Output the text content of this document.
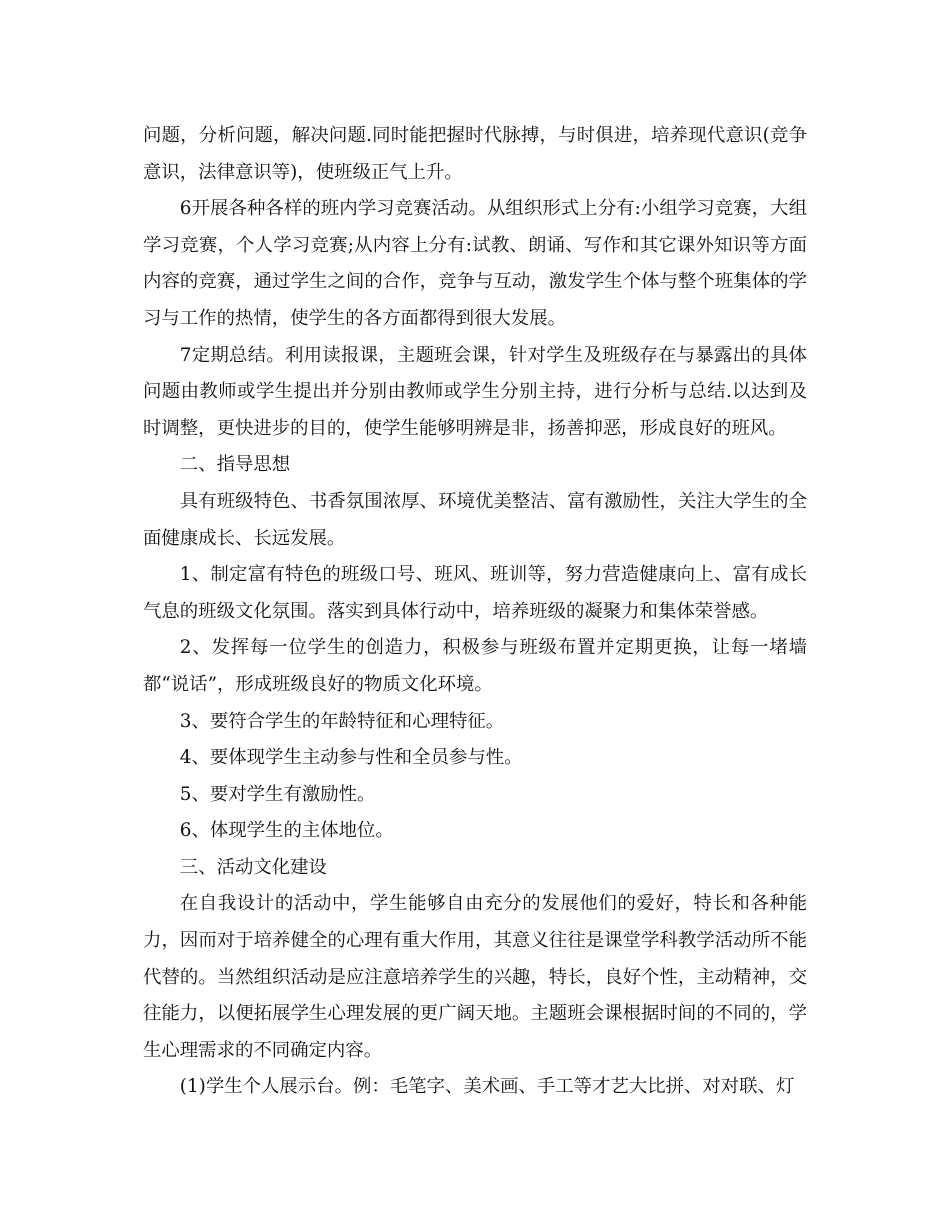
问题，分析问题，解决问题.同时能把握时代脉搏，与时俱进，培养现代意识(竞争意识，法律意识等)，使班级正气上升。

6开展各种各样的班内学习竞赛活动。从组织形式上分有:小组学习竞赛，大组学习竞赛，个人学习竞赛;从内容上分有:试教、朗诵、写作和其它课外知识等方面内容的竞赛，通过学生之间的合作，竞争与互动，激发学生个体与整个班集体的学习与工作的热情，使学生的各方面都得到很大发展。

7定期总结。利用读报课，主题班会课，针对学生及班级存在与暴露出的具体问题由教师或学生提出并分别由教师或学生分别主持，进行分析与总结.以达到及时调整，更快进步的目的，使学生能够明辨是非，扬善抑恶，形成良好的班风。

二、指导思想

具有班级特色、书香氛围浓厚、环境优美整洁、富有激励性，关注大学生的全面健康成长、长远发展。

1、制定富有特色的班级口号、班风、班训等，努力营造健康向上、富有成长气息的班级文化氛围。落实到具体行动中，培养班级的凝聚力和集体荣誉感。

2、发挥每一位学生的创造力，积极参与班级布置并定期更换，让每一堵墙都“说话”，形成班级良好的物质文化环境。

3、要符合学生的年龄特征和心理特征。

4、要体现学生主动参与性和全员参与性。

5、要对学生有激励性。

6、体现学生的主体地位。

三、活动文化建设

在自我设计的活动中，学生能够自由充分的发展他们的爱好，特长和各种能力，因而对于培养健全的心理有重大作用，其意义往往是课堂学科教学活动所不能代替的。当然组织活动是应注意培养学生的兴趣，特长，良好个性，主动精神，交往能力，以便拓展学生心理发展的更广阔天地。主题班会课根据时间的不同的，学生心理需求的不同确定内容。

(1)学生个人展示台。例：毛笔字、美术画、手工等才艺大比拼、对对联、灯
